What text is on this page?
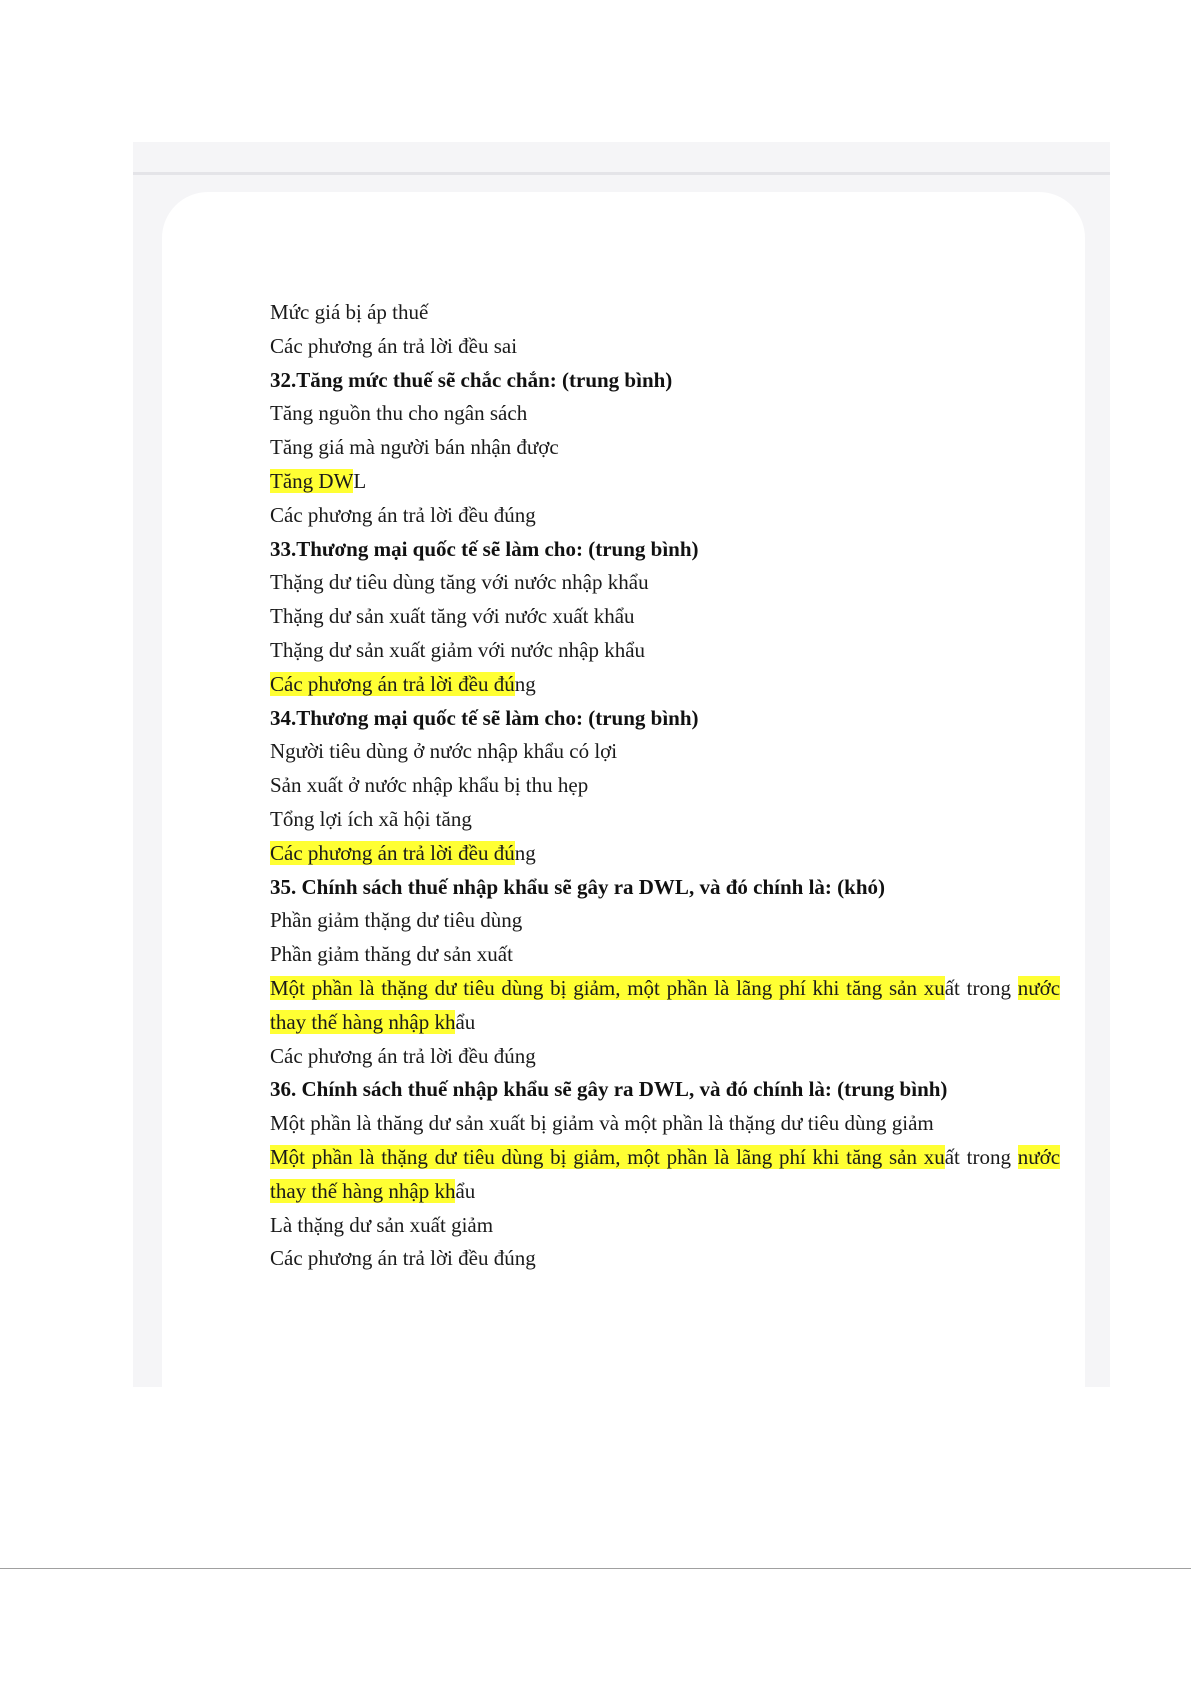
Mức giá bị áp thuế
Các phương án trả lời đều sai
32.Tăng mức thuế sẽ chắc chắn: (trung bình)
Tăng nguồn thu cho ngân sách
Tăng giá mà người bán nhận được
Tăng DWL
Các phương án trả lời đều đúng
33.Thương mại quốc tế sẽ làm cho: (trung bình)
Thặng dư tiêu dùng tăng với nước nhập khẩu
Thặng dư sản xuất tăng với nước xuất khẩu
Thặng dư sản xuất giảm với nước nhập khẩu
Các phương án trả lời đều đúng
34.Thương mại quốc tế sẽ làm cho: (trung bình)
Người tiêu dùng ở nước nhập khẩu có lợi
Sản xuất ở nước nhập khẩu bị thu hẹp
Tổng lợi ích xã hội tăng
Các phương án trả lời đều đúng
35. Chính sách thuế nhập khẩu sẽ gây ra DWL, và đó chính là: (khó)
Phần giảm thặng dư tiêu dùng
Phần giảm thăng dư sản xuất
Một phần là thặng dư tiêu dùng bị giảm, một phần là lãng phí khi tăng sản xuất trong nước thay thế hàng nhập khẩu
Các phương án trả lời đều đúng
36. Chính sách thuế nhập khẩu sẽ gây ra DWL, và đó chính là: (trung bình)
Một phần là thăng dư sản xuất bị giảm và một phần là thặng dư tiêu dùng giảm
Một phần là thặng dư tiêu dùng bị giảm, một phần là lãng phí khi tăng sản xuất trong nước thay thế hàng nhập khẩu
Là thặng dư sản xuất giảm
Các phương án trả lời đều đúng
